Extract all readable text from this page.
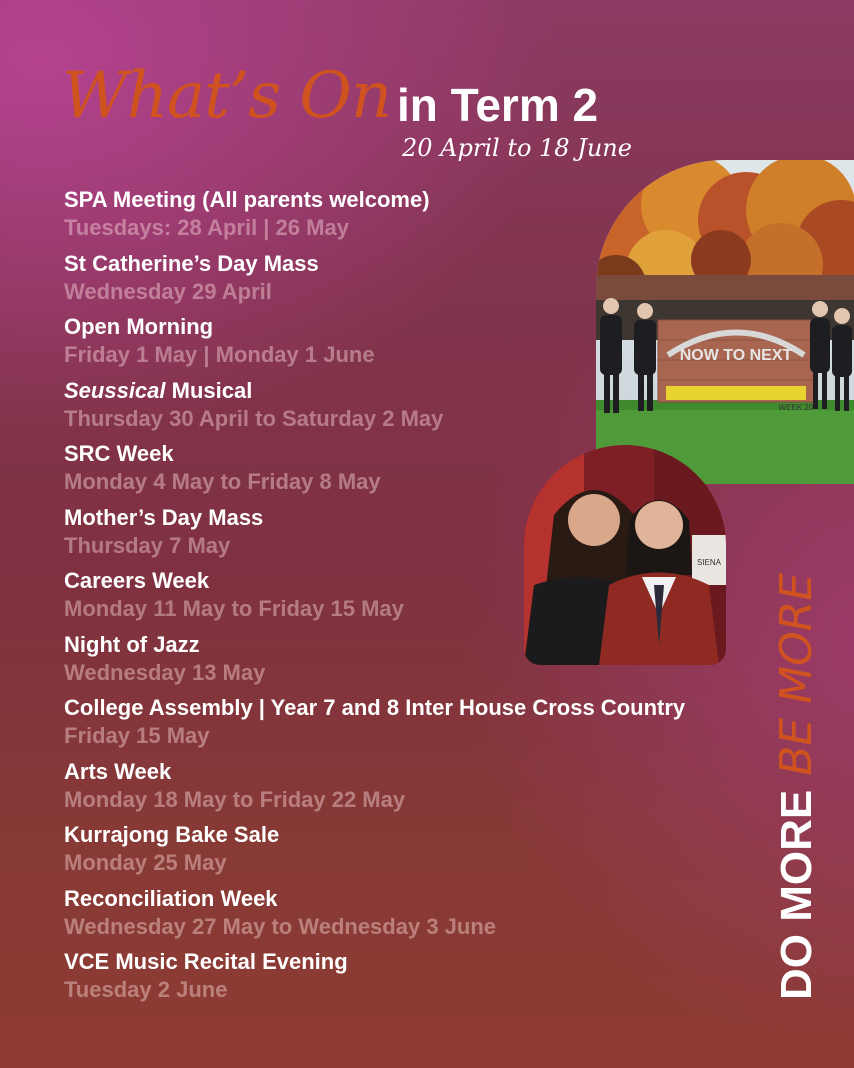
What’s On in Term 2
20 April to 18 June
SPA Meeting (All parents welcome)
Tuesdays: 28 April | 26 May
St Catherine’s Day Mass
Wednesday 29 April
Open Morning
Friday 1 May | Monday 1 June
Seussical Musical
Thursday 30 April to Saturday 2 May
SRC Week
Monday 4 May to Friday 8 May
Mother’s Day Mass
Thursday 7 May
Careers Week
Monday 11 May to Friday 15 May
Night of Jazz
Wednesday 13 May
College Assembly | Year 7 and 8 Inter House Cross Country
Friday 15 May
Arts Week
Monday 18 May to Friday 22 May
Kurrajong Bake Sale
Monday 25 May
Reconciliation Week
Wednesday 27 May to Wednesday 3 June
VCE Music Recital Evening
Tuesday 2 June
NOW TO NEXT
WEEK 20
SIENA
DO MOREBE MORE
